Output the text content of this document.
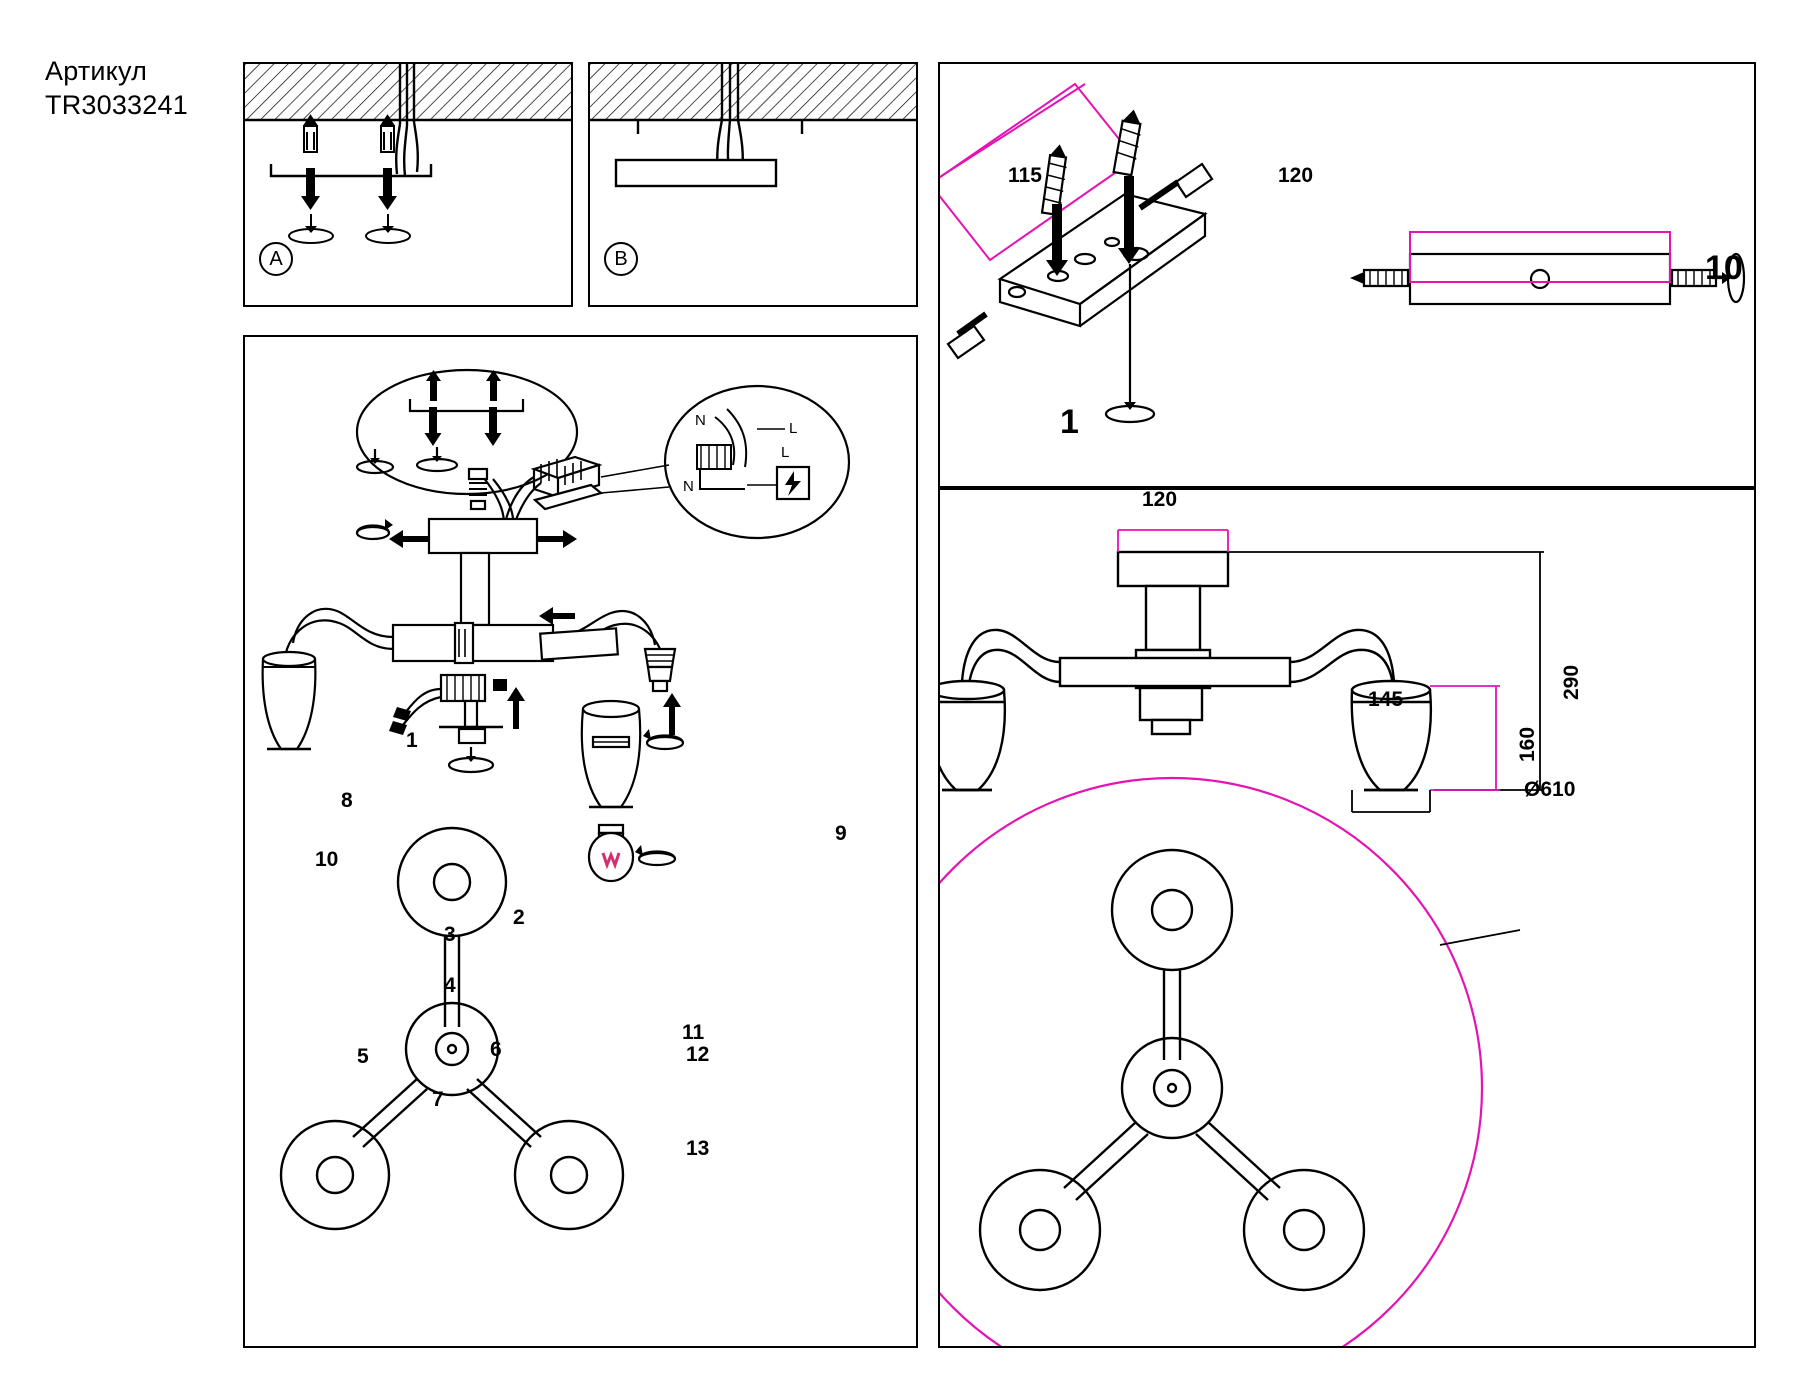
Артикул
TR3033241
A	B
N	L
N
L
1
8
9
10
2
3
4
5	6
7
11
12
13
115	120
1
10
120
290
160
145
Ø610
